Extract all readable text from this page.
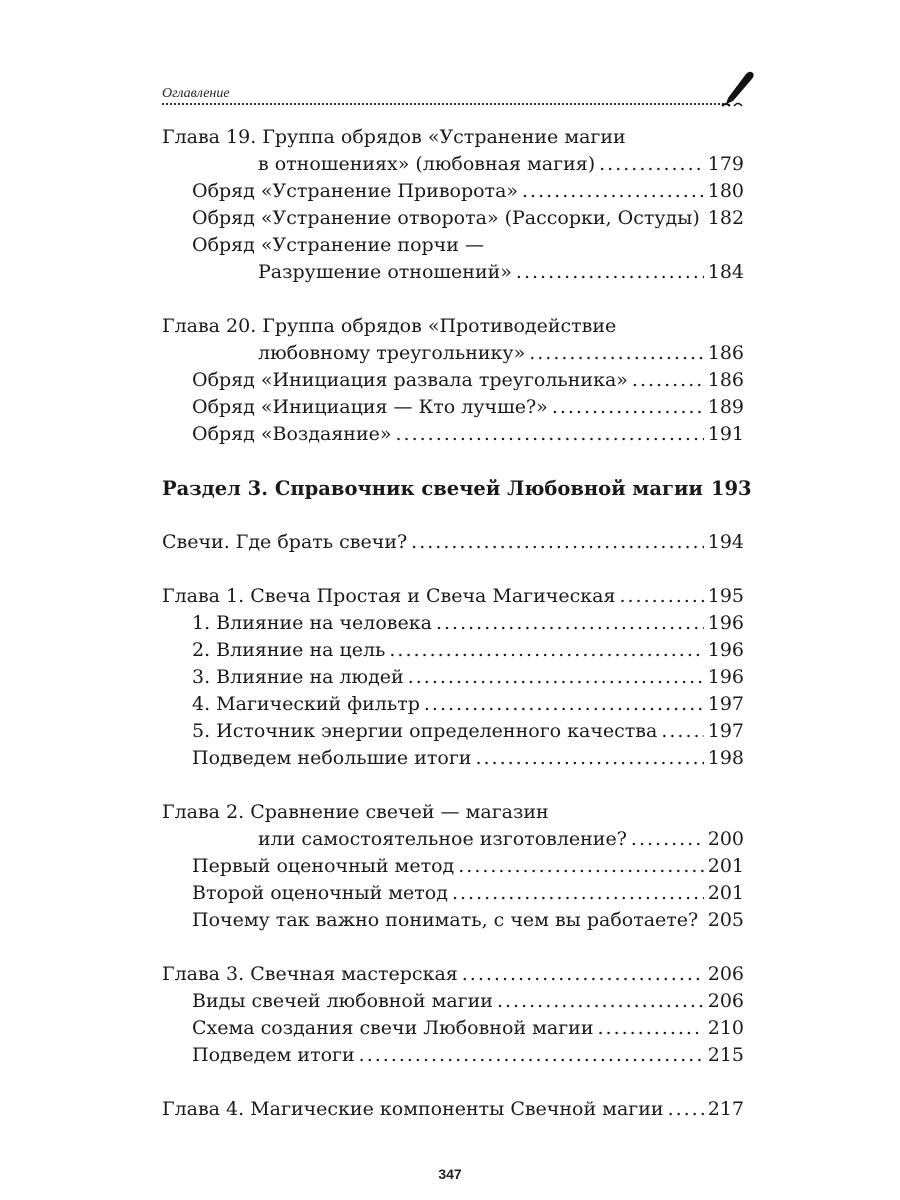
Оглавление
Глава 19. Группа обрядов «Устранение магии
в отношениях» (любовная магия) .....	179
Обряд «Устранение Приворота» .....	180
Обряд «Устранение отворота» (Рассорки, Остуды) 182
Обряд «Устранение порчи —
Разрушение отношений» .....	184
Глава 20. Группа обрядов «Противодействие
любовному треугольнику» .....	186
Обряд «Инициация развала треугольника» .....	186
Обряд «Инициация — Кто лучше?» .....	189
Обряд «Воздаяние» .....	191
Раздел 3. Справочник свечей Любовной магии 193
Свечи. Где брать свечи? .....	194
Глава 1. Свеча Простая и Свеча Магическая .....	195
1. Влияние на человека .....	196
2. Влияние на цель .....	196
3. Влияние на людей .....	196
4. Магический фильтр .....	197
5. Источник энергии определенного качества .....	197
Подведем небольшие итоги .....	198
Глава 2. Сравнение свечей — магазин
или самостоятельное изготовление? .....	200
Первый оценочный метод .....	201
Второй оценочный метод .....	201
Почему так важно понимать, с чем вы работаете? ..... 205
Глава 3. Свечная мастерская .....	206
Виды свечей любовной магии .....	206
Схема создания свечи Любовной магии .....	210
Подведем итоги .....	215
Глава 4. Магические компоненты Свечной магии ..... 217
347
